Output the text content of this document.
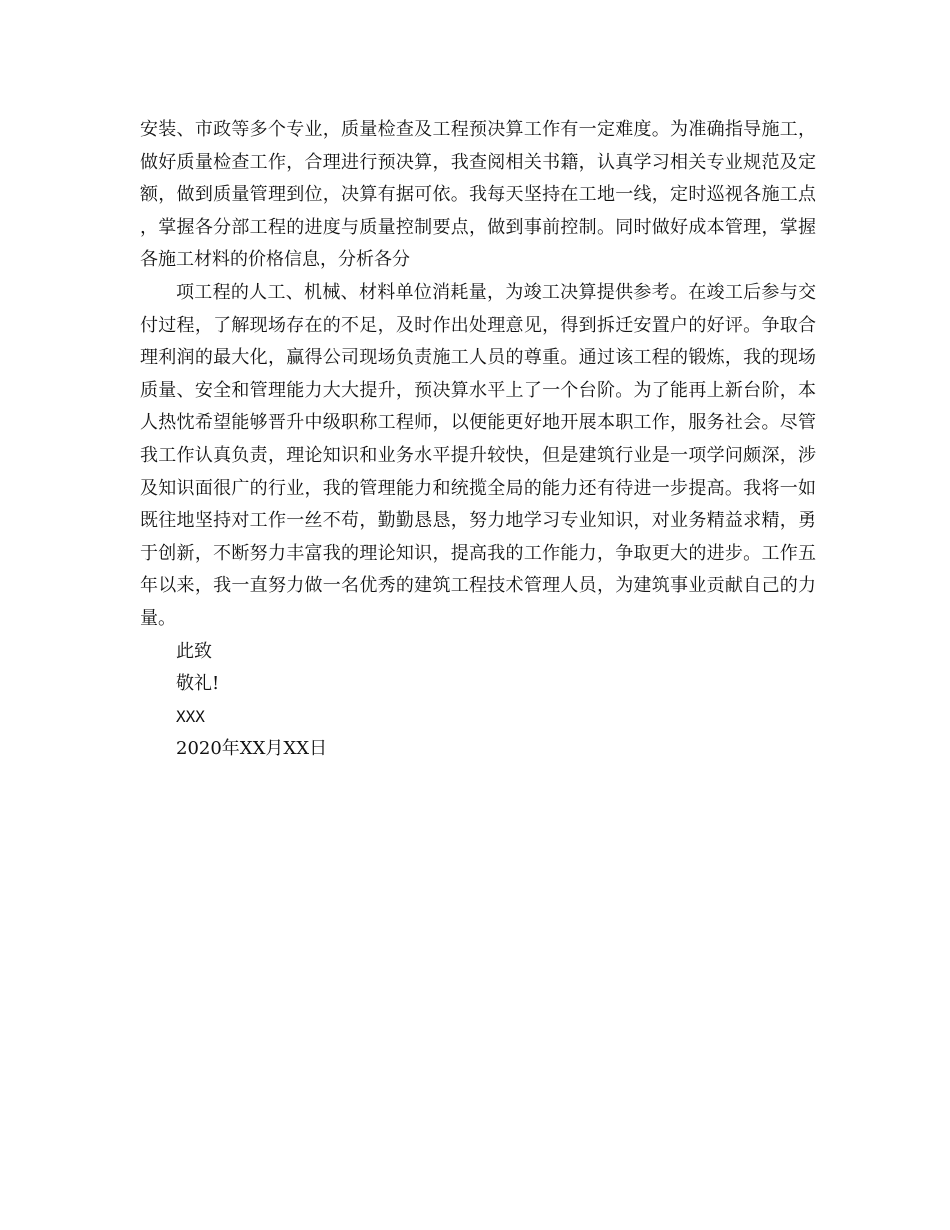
安装、市政等多个专业，质量检查及工程预决算工作有一定难度。为准确指导施工，做好质量检查工作，合理进行预决算，我查阅相关书籍，认真学习相关专业规范及定额，做到质量管理到位，决算有据可依。我每天坚持在工地一线，定时巡视各施工点，掌握各分部工程的进度与质量控制要点，做到事前控制。同时做好成本管理，掌握各施工材料的价格信息，分析各分

项工程的人工、机械、材料单位消耗量，为竣工决算提供参考。在竣工后参与交付过程，了解现场存在的不足，及时作出处理意见，得到拆迁安置户的好评。争取合理利润的最大化，赢得公司现场负责施工人员的尊重。通过该工程的锻炼，我的现场质量、安全和管理能力大大提升，预决算水平上了一个台阶。为了能再上新台阶，本人热忱希望能够晋升中级职称工程师，以便能更好地开展本职工作，服务社会。尽管我工作认真负责，理论知识和业务水平提升较快，但是建筑行业是一项学问颇深，涉及知识面很广的行业，我的管理能力和统揽全局的能力还有待进一步提高。我将一如既往地坚持对工作一丝不苟，勤勤恳恳，努力地学习专业知识，对业务精益求精，勇于创新，不断努力丰富我的理论知识，提高我的工作能力，争取更大的进步。工作五年以来，我一直努力做一名优秀的建筑工程技术管理人员，为建筑事业贡献自己的力量。

此致

敬礼!

XXX

2020年XX月XX日
